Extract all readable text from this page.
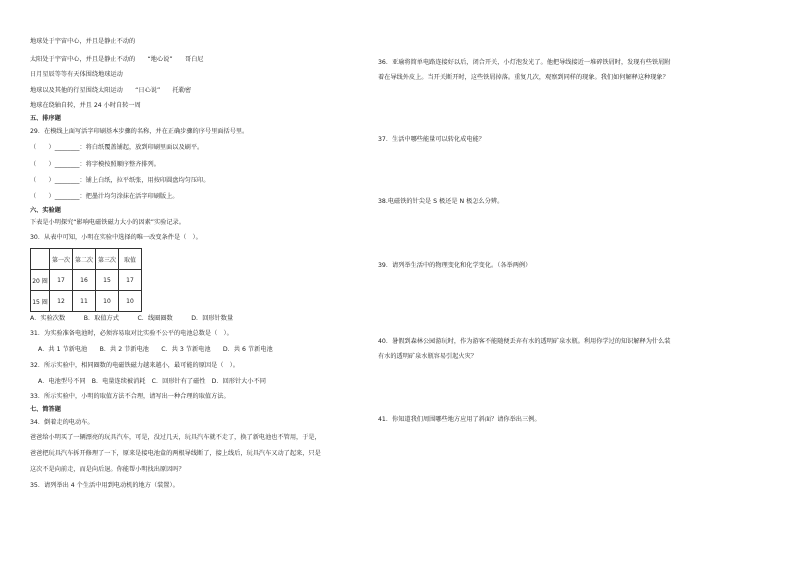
地球处于宇宙中心，并且是静止不动的
太阳处于宇宙中心，并且是静止不动的　　“地心说”　　哥白尼
日月星辰等等有天体围绕地球运动
地球以及其他的行星围绕太阳运动　　“日心说”　　托勒密
地球在绕轴自转，并且 24 小时自转一周
五、排序题
29．在模线上面写活字印刷基本步骤的名称，并在正确步骤的序号里面括号里。
（　　）________：将白纸覆盖铺起，放到印刷里面以及刷平。
（　　）________：将字模按照顺序整齐排列。
（　　）________：铺上白纸，拉平纸张，用按印圆盘均匀压印。
（　　）________：把墨汁均匀涂抹在活字印刷版上。
六、实验题
下表是小明探究“影响电磁铁磁力大小的因素”实验记录。
30．从表中可知，小明在实验中选择的唯一改变条件是（　）。
	第一次	第二次	第三次	取值
20 圈	17	16	15	17
15 圈	12	11	10	10
A．实验次数　　　B．取值方式　　　C．线圈圈数　　　D．回形针数量
31．为实验准备电池时，必须容易取对比实验不公平的电池总数是（　）。
A．共 1 节新电池　　B．共 2 节新电池　　C．共 3 节新电池　　D．共 6 节新电池
32．所示实验中，相同圈数的电磁铁磁力越来越小，最可能的原因是（　）。
A．电池型号不同　B．电量连续被消耗　C．回形针有了磁性　D．回形针大小不同
33．所示实验中，小明的取值方法不合理，请写出一种合理的取值方法。
七、简答题
34．倒着走的电动车。
爸爸给小明买了一辆漂亮的玩具汽车，可是，没过几天，玩具汽车就不走了，换了新电池也不管用，于是，
爸爸把玩具汽车拆开修理了一下，原来是接电池盒的两根导线断了，接上线后，玩具汽车又动了起来，只是
这次不是向前走，而是向后退。你能帮小明找出原因吗？
35．请列举出 4 个生活中用到电动机的地方（装置）。
36．亚瑜将简单电路连接好以后，闭合开关，小灯泡发光了。他把导线接近一堆碎铁屑时，发现有些铁屑附
着在导线外皮上。当开关断开时，这些铁屑掉落。重复几次，观察到同样的现象。我们如何解释这种现象？
37．生活中哪些能量可以转化成电能？
38.电磁铁的针尖是 S 极还是 N 极怎么分辨。
39．请列举生活中的物理变化和化学变化。（各举两例）
40．暑假到森林公园游玩时，作为游客不能随便丢弃有水的透明矿泉水瓶。利用你学过的知识解释为什么装
有水的透明矿泉水瓶容易引起火灾？
41．你知道我们周围哪些地方应用了斜面？请你举出三例。
